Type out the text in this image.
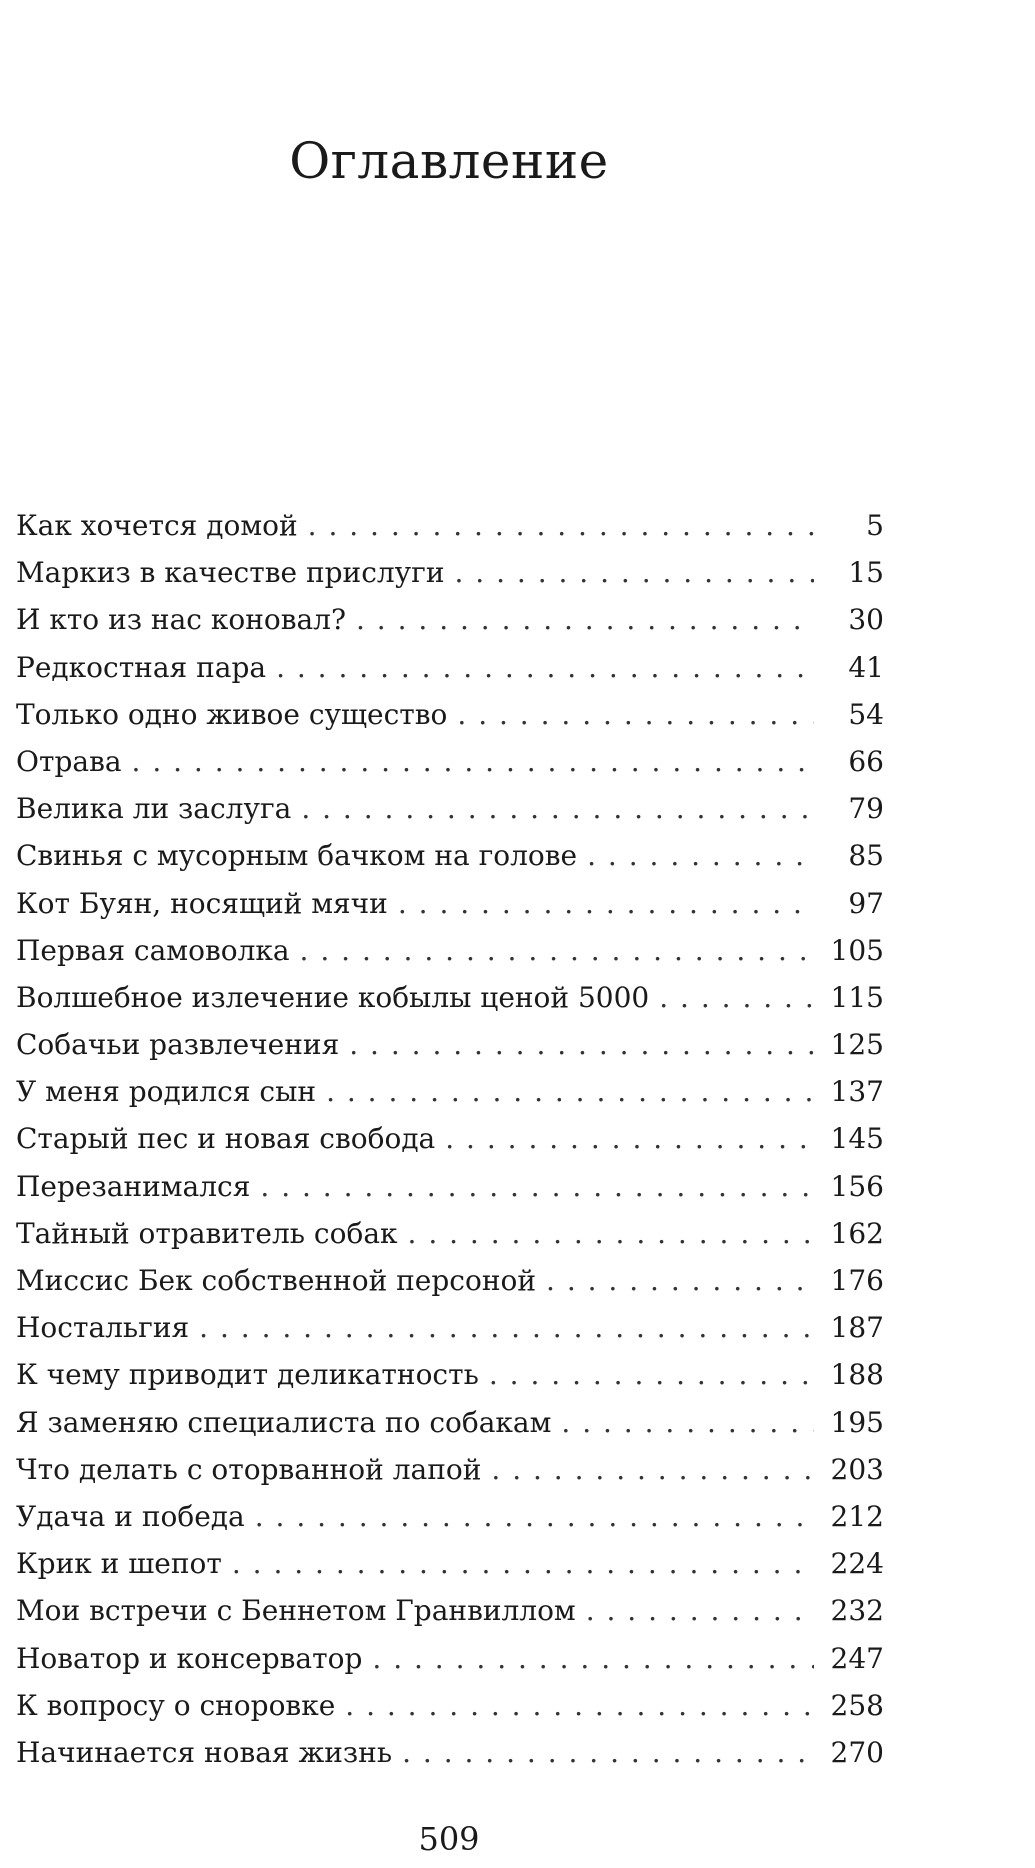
Оглавление
Как хочется домой . . .	5
Маркиз в качестве прислуги . . .	15
И кто из нас коновал? . . .	30
Редкостная пара . . .	41
Только одно живое существо . . .	54
Отрава . . .	66
Велика ли заслуга . . .	79
Свинья с мусорным бачком на голове . . .	85
Кот Буян, носящий мячи . . .	97
Первая самоволка . . .	105
Волшебное излечение кобылы ценой 5000 . . .	115
Собачьи развлечения . . .	125
У меня родился сын . . .	137
Старый пес и новая свобода . . .	145
Перезанимался . . .	156
Тайный отравитель собак . . .	162
Миссис Бек собственной персоной . . .	176
Ностальгия . . .	187
К чему приводит деликатность . . .	188
Я заменяю специалиста по собакам . . .	195
Что делать с оторванной лапой . . .	203
Удача и победа . . .	212
Крик и шепот . . .	224
Мои встречи с Беннетом Гранвиллом . . .	232
Новатор и консерватор . . .	247
К вопросу о сноровке . . .	258
Начинается новая жизнь . . .	270

509
